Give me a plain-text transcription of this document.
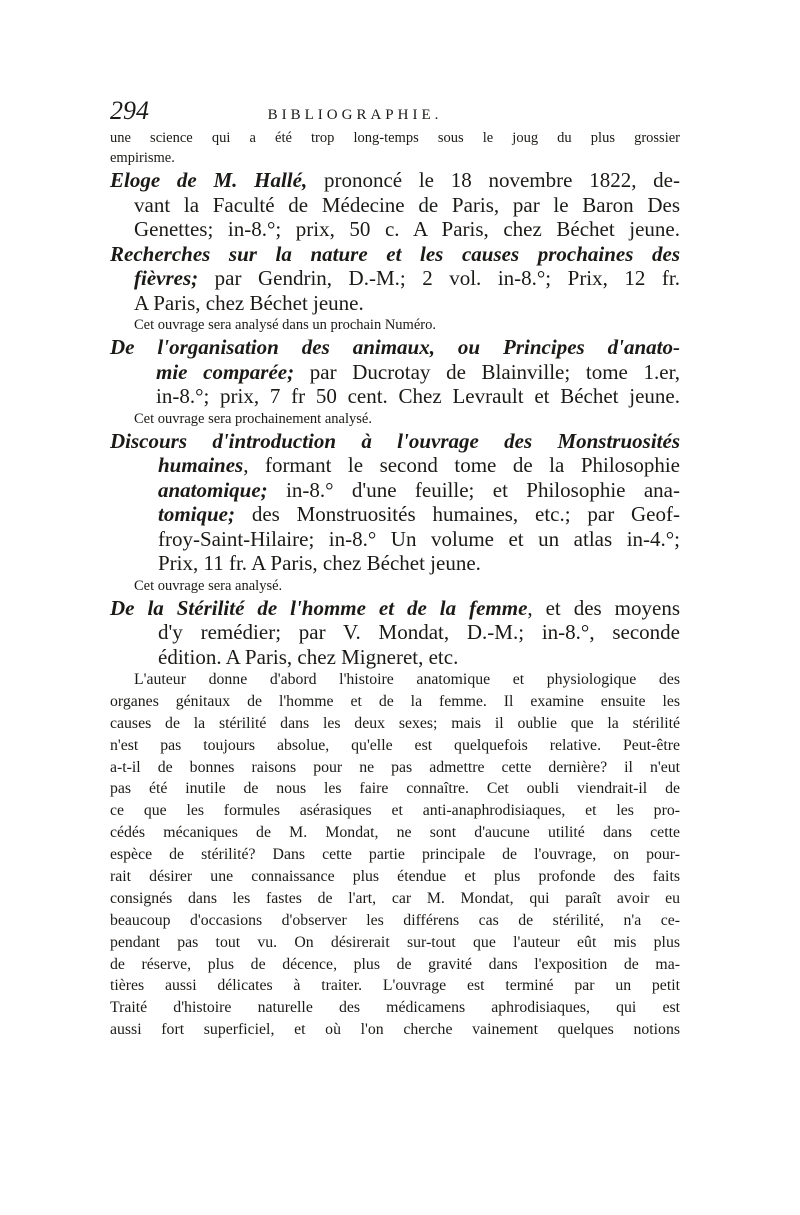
294	BIBLIOGRAPHIE.
une science qui a été trop long-temps sous le joug du plus grossier
empirisme.
Eloge de M. Hallé, prononcé le 18 novembre 1822, de-
vant la Faculté de Médecine de Paris, par le Baron Des
Genettes; in-8.°; prix, 50 c. A Paris, chez Béchet jeune.
Recherches sur la nature et les causes prochaines des
fièvres; par Gendrin, D.-M.; 2 vol. in-8.°; Prix, 12 fr.
A Paris, chez Béchet jeune.
Cet ouvrage sera analysé dans un prochain Numéro.
De l'organisation des animaux, ou Principes d'anato-
mie comparée; par Ducrotay de Blainville; tome 1.er,
in-8.°; prix, 7 fr 50 cent. Chez Levrault et Béchet jeune.
Cet ouvrage sera prochainement analysé.
Discours d'introduction à l'ouvrage des Monstruosités
humaines, formant le second tome de la Philosophie
anatomique; in-8.° d'une feuille; et Philosophie ana-
tomique; des Monstruosités humaines, etc.; par Geof-
froy-Saint-Hilaire; in-8.° Un volume et un atlas in-4.°;
Prix, 11 fr. A Paris, chez Béchet jeune.
Cet ouvrage sera analysé.
De la Stérilité de l'homme et de la femme, et des moyens
d'y remédier; par V. Mondat, D.-M.; in-8.°, seconde
édition. A Paris, chez Migneret, etc.
L'auteur donne d'abord l'histoire anatomique et physiologique des
organes génitaux de l'homme et de la femme. Il examine ensuite les
causes de la stérilité dans les deux sexes; mais il oublie que la stérilité
n'est pas toujours absolue, qu'elle est quelquefois relative. Peut-être
a-t-il de bonnes raisons pour ne pas admettre cette dernière? il n'eut
pas été inutile de nous les faire connaître. Cet oubli viendrait-il de
ce que les formules asérasiques et anti-anaphrodisiaques, et les pro-
cédés mécaniques de M. Mondat, ne sont d'aucune utilité dans cette
espèce de stérilité? Dans cette partie principale de l'ouvrage, on pour-
rait désirer une connaissance plus étendue et plus profonde des faits
consignés dans les fastes de l'art, car M. Mondat, qui paraît avoir eu
beaucoup d'occasions d'observer les différens cas de stérilité, n'a ce-
pendant pas tout vu. On désirerait sur-tout que l'auteur eût mis plus
de réserve, plus de décence, plus de gravité dans l'exposition de ma-
tières aussi délicates à traiter. L'ouvrage est terminé par un petit
Traité d'histoire naturelle des médicamens aphrodisiaques, qui est
aussi fort superficiel, et où l'on cherche vainement quelques notions
